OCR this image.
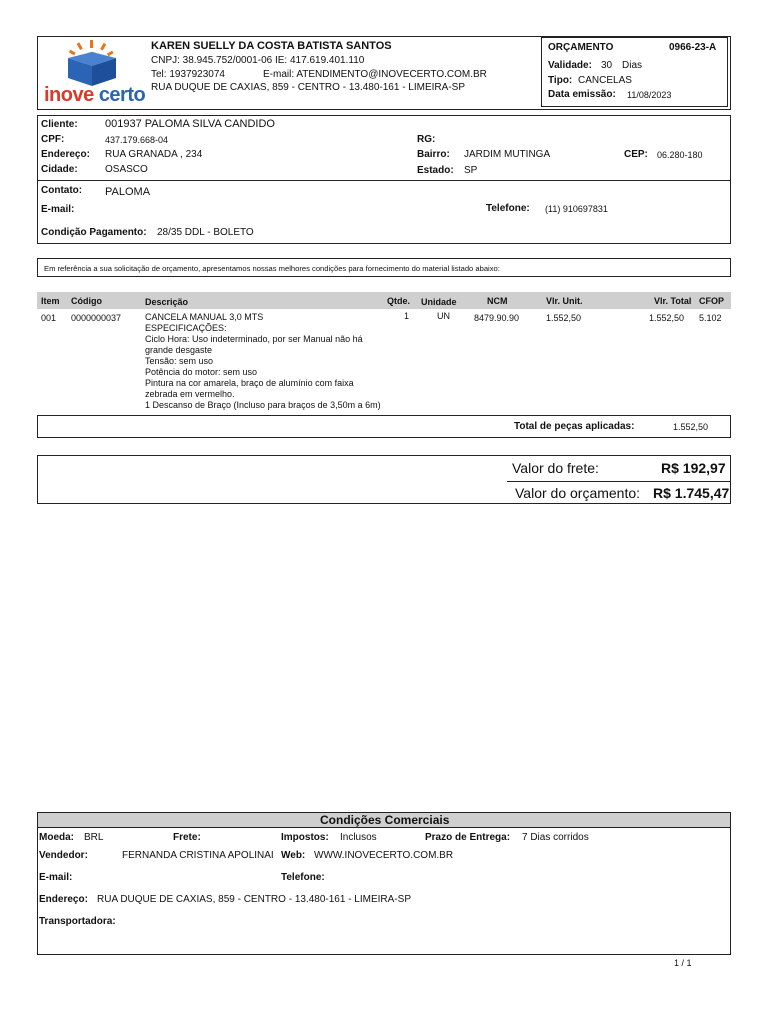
inove certo
KAREN SUELLY DA COSTA BATISTA SANTOS
CNPJ: 38.945.752/0001-06 IE: 417.619.401.110
Tel: 1937923074	E-mail: ATENDIMENTO@INOVECERTO.COM.BR
RUA DUQUE DE CAXIAS, 859 - CENTRO - 13.480-161 - LIMEIRA-SP
ORÇAMENTO	0966-23-A
Validade: 30 Dias
Tipo: CANCELAS
Data emissão: 11/08/2023
Cliente: 001937 PALOMA SILVA CANDIDO
CPF:	437.179.668-04	RG:
Endereço: RUA GRANADA , 234	Bairro: JARDIM MUTINGA	CEP: 06.280-180
Cidade:	OSASCO	Estado: SP
Contato: PALOMA
E-mail:	Telefone: (11) 910697831
Condição Pagamento: 28/35 DDL - BOLETO
Em referência a sua solicitação de orçamento, apresentamos nossas melhores condições para fornecimento do material listado abaixo:
Item Código	Descrição	Qtde. Unidade	NCM	Vlr. Unit.	Vlr. Total CFOP
001 0000000037	CANCELA MANUAL 3,0 MTS
ESPECIFICAÇÕES:
Ciclo Hora: Uso indeterminado, por ser Manual não há
grande desgaste
Tensão: sem uso
Potência do motor: sem uso
Pintura na cor amarela, braço de alumínio com faixa
zebrada em vermelho.
1 Descanso de Braço (Incluso para braços de 3,50m a 6m)
1	UN	8479.90.90	1.552,50	1.552,50 5.102
Total de peças aplicadas:	1.552,50
Valor do frete:	R$ 192,97
Valor do orçamento: R$ 1.745,47
Condições Comerciais
Moeda: BRL	Frete:	Impostos: Inclusos	Prazo de Entrega: 7 Dias corridos
Vendedor:	FERNANDA CRISTINA APOLINAI Web: WWW.INOVECERTO.COM.BR
E-mail:	Telefone:
Endereço: RUA DUQUE DE CAXIAS, 859 - CENTRO - 13.480-161 - LIMEIRA-SP
Transportadora:
1 / 1
